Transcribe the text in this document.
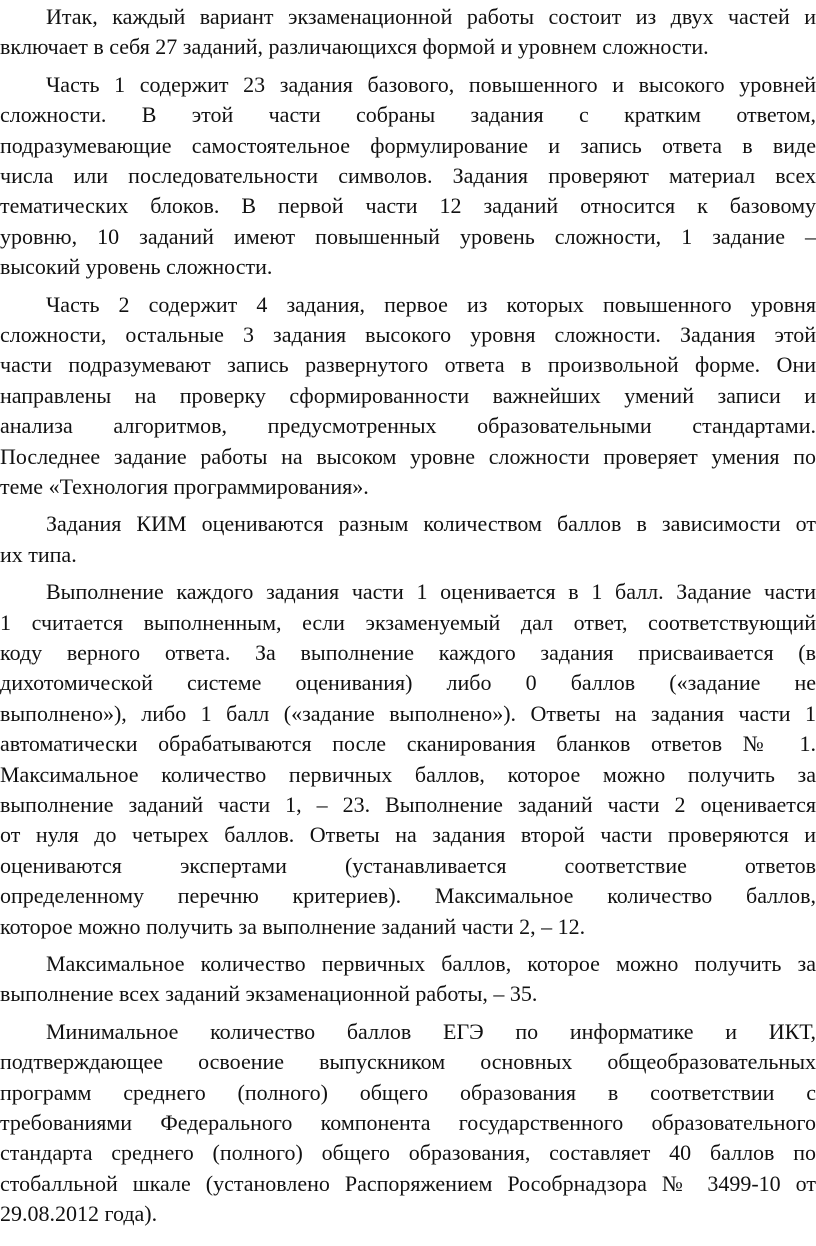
Итак, каждый вариант экзаменационной работы состоит из двух частей и
включает в себя 27 заданий, различающихся формой и уровнем сложности.
Часть 1 содержит 23 задания базового, повышенного и высокого уровней
сложности. В этой части собраны задания с кратким ответом,
подразумевающие самостоятельное формулирование и запись ответа в виде
числа или последовательности символов. Задания проверяют материал всех
тематических блоков. В первой части 12 заданий относится к базовому
уровню, 10 заданий имеют повышенный уровень сложности, 1 задание –
высокий уровень сложности.
Часть 2 содержит 4 задания, первое из которых повышенного уровня
сложности, остальные 3 задания высокого уровня сложности. Задания этой
части подразумевают запись развернутого ответа в произвольной форме. Они
направлены на проверку сформированности важнейших умений записи и
анализа алгоритмов, предусмотренных образовательными стандартами.
Последнее задание работы на высоком уровне сложности проверяет умения по
теме «Технология программирования».
Задания КИМ оцениваются разным количеством баллов в зависимости от
их типа.
Выполнение каждого задания части 1 оценивается в 1 балл. Задание части
1 считается выполненным, если экзаменуемый дал ответ, соответствующий
коду верного ответа. За выполнение каждого задания присваивается (в
дихотомической системе оценивания) либо 0 баллов («задание не
выполнено»), либо 1 балл («задание выполнено»). Ответы на задания части 1
автоматически обрабатываются после сканирования бланков ответов № 1.
Максимальное количество первичных баллов, которое можно получить за
выполнение заданий части 1, – 23. Выполнение заданий части 2 оценивается
от нуля до четырех баллов. Ответы на задания второй части проверяются и
оцениваются экспертами (устанавливается соответствие ответов
определенному перечню критериев). Максимальное количество баллов,
которое можно получить за выполнение заданий части 2, – 12.
Максимальное количество первичных баллов, которое можно получить за
выполнение всех заданий экзаменационной работы, – 35.
Минимальное количество баллов ЕГЭ по информатике и ИКТ,
подтверждающее освоение выпускником основных общеобразовательных
программ среднего (полного) общего образования в соответствии с
требованиями Федерального компонента государственного образовательного
стандарта среднего (полного) общего образования, составляет 40 баллов по
стобалльной шкале (установлено Распоряжением Рособрнадзора № 3499-10 от
29.08.2012 года).
